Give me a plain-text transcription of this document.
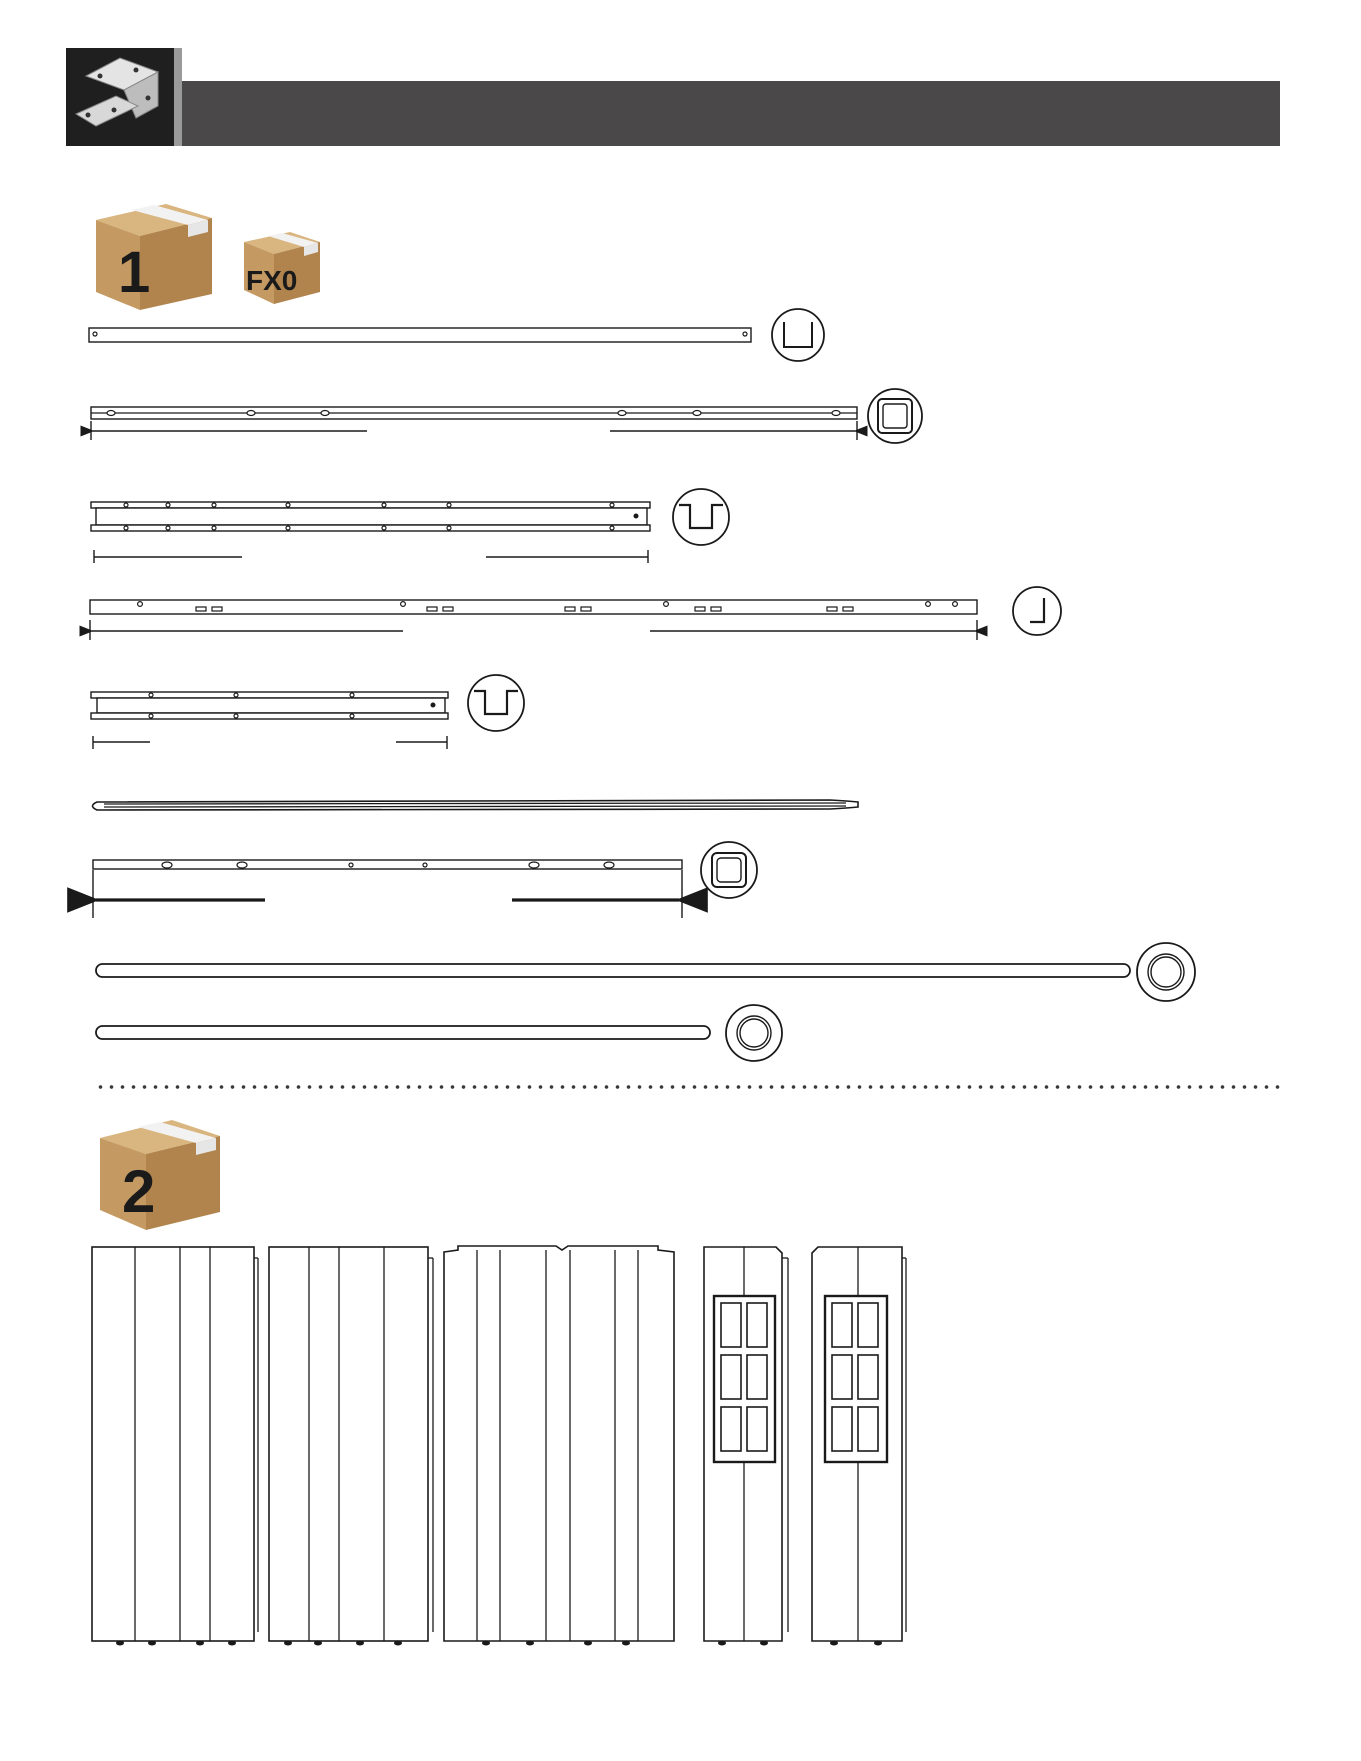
1	FX0
2
